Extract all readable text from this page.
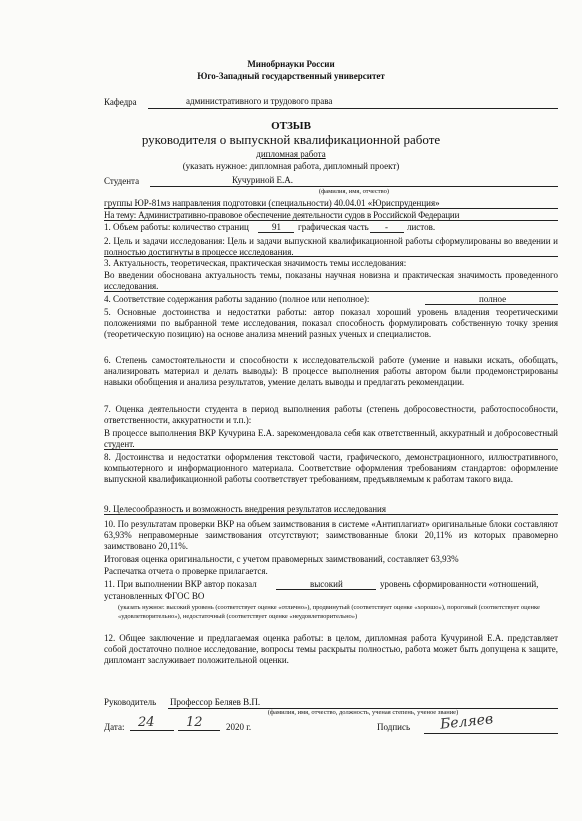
Минобрнауки России
Юго-Западный государственный университет
Кафедра	административного и трудового права
ОТЗЫВ
руководителя о выпускной квалификационной работе
дипломная работа
(указать нужное: дипломная работа, дипломный проект)
Студента	Кучуриной Е.А.
(фамилия, имя, отчество)
группы ЮР-81мз направления подготовки (специальности) 40.04.01 «Юриспруденция»
На тему: Административно-правовое обеспечение деятельности судов в Российской Федерации
1. Объем работы: количество страниц	91 графическая часть - листов.
2. Цель и задачи исследования: Цель и задачи выпускной квалификационной работы сформулированы во введении и полностью достигнуты в процессе исследования.
3. Актуальность, теоретическая, практическая значимость темы исследования:
Во введении обоснована актуальность темы, показаны научная новизна и практическая значимость проведенного исследования.
4. Соответствие содержания работы заданию (полное или неполное):	полное
5. Основные достоинства и недостатки работы: автор показал хороший уровень владения теоретическими положениями по выбранной теме исследования, показал способность формулировать собственную точку зрения (теоретическую позицию) на основе анализа мнений разных ученых и специалистов.
6. Степень самостоятельности и способности к исследовательской работе (умение и навыки искать, обобщать, анализировать материал и делать выводы): В процессе выполнения работы автором были продемонстрированы навыки обобщения и анализа результатов, умение делать выводы и предлагать рекомендации.
7. Оценка деятельности студента в период выполнения работы (степень добросовестности, работоспособности, ответственности, аккуратности и т.п.):
В процессе выполнения ВКР Кучурина Е.А. зарекомендовала себя как ответственный, аккуратный и добросовестный студент.
8. Достоинства и недостатки оформления текстовой части, графического, демонстрационного, иллюстративного, компьютерного и информационного материала. Соответствие оформления требованиям стандартов: оформление выпускной квалификационной работы соответствует требованиям, предъявляемым к работам такого вида.
9. Целесообразность и возможность внедрения результатов исследования
10. По результатам проверки ВКР на объем заимствования в системе «Антиплагиат» оригинальные блоки составляют 63,93% неправомерные заимствования отсутствуют; заимствованные блоки 20,11% из которых правомерно заимствовано 20,11%.
Итоговая оценка оригинальности, с учетом правомерных заимствований, составляет 63,93%
Распечатка отчета о проверке прилагается.
11. При выполнении ВКР автор показал	высокий	уровень сформированности «отношений,
установленных ФГОС ВО
(указать нужное: высокий уровень (соответствует оценке «отлично»), продвинутый (соответствует оценке «хорошо»), пороговый (соответствует оценке «удовлетворительно»), недостаточный (соответствует оценке «неудовлетворительно»)
12. Общее заключение и предлагаемая оценка работы: в целом, дипломная работа Кучуриной Е.А. представляет собой достаточно полное исследование, вопросы темы раскрыты полностью, работа может быть допущена к защите, дипломант заслуживает положительной оценки.
Руководитель Профессор Беляев В.П.
(фамилия, имя, отчество, должность, ученая степень, ученое звание)
Дата: 24 12	2020 г.	Подпись Беляев
